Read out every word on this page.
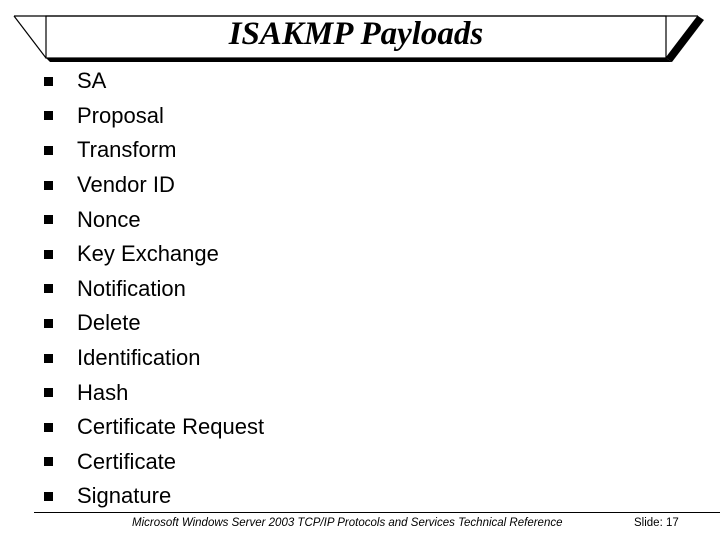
ISAKMP Payloads
SA
Proposal
Transform
Vendor ID
Nonce
Key Exchange
Notification
Delete
Identification
Hash
Certificate Request
Certificate
Signature
Microsoft Windows Server 2003 TCP/IP Protocols and Services Technical Reference	Slide: 17
